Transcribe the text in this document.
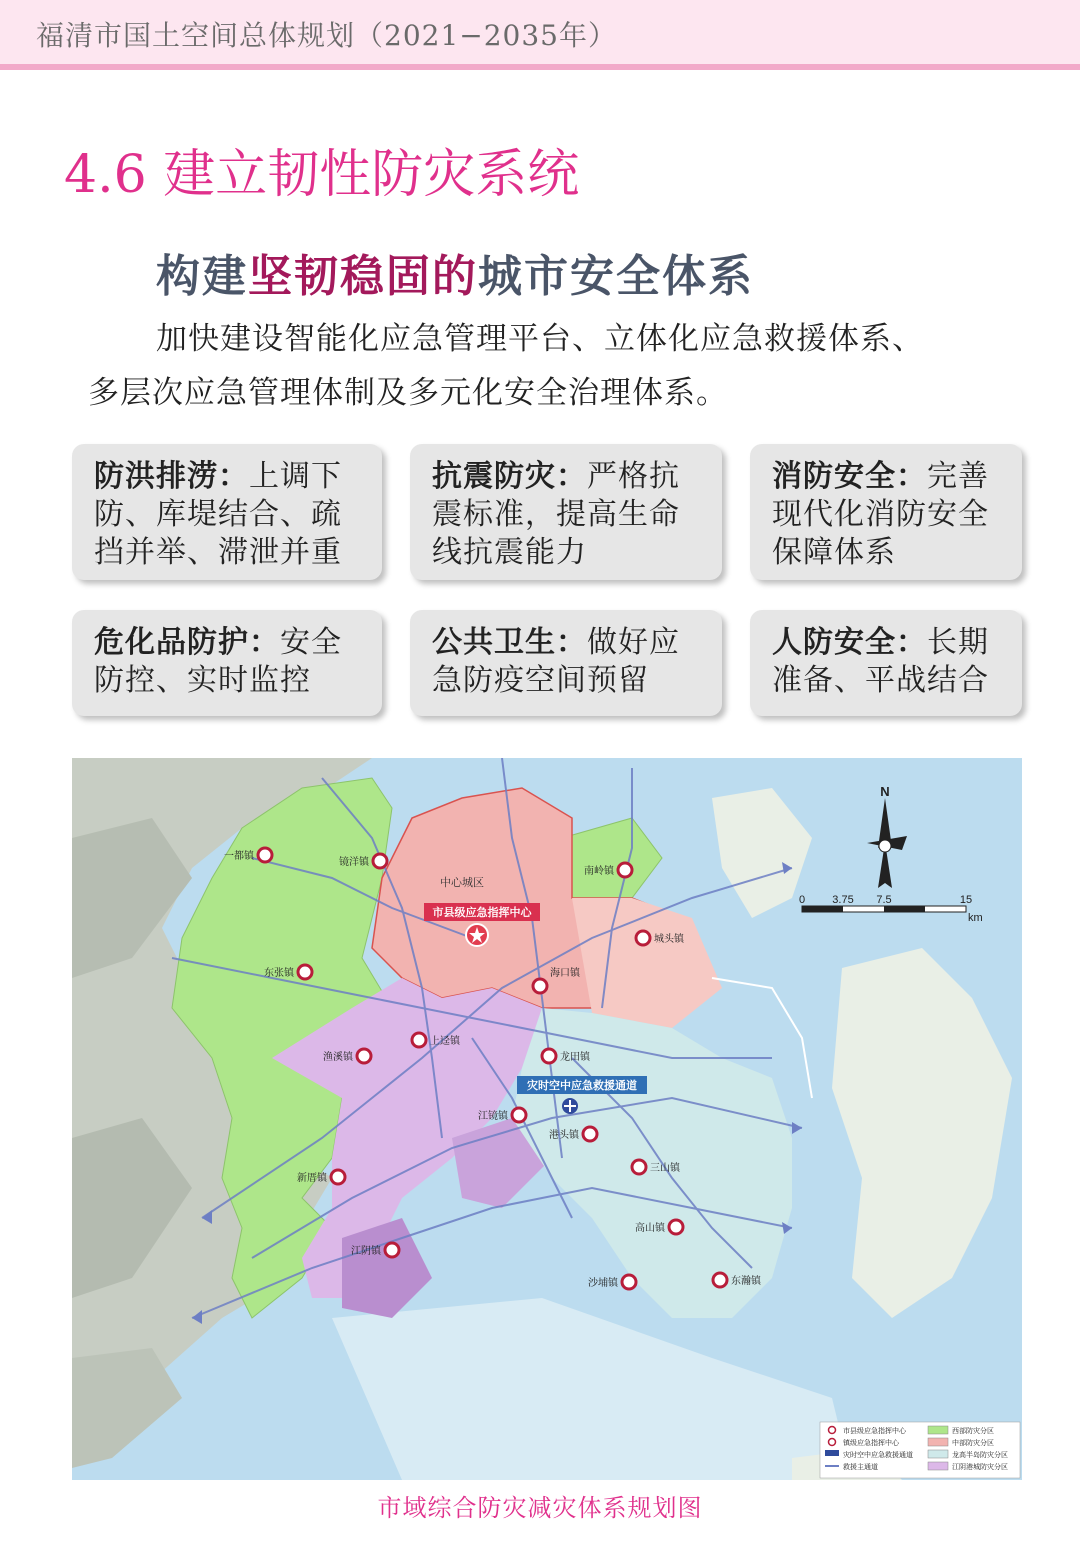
福清市国土空间总体规划（2021−2035年）
4.6 建立韧性防灾系统
构建坚韧稳固的城市安全体系
加快建设智能化应急管理平台、立体化应急救援体系、
多层次应急管理体制及多元化安全治理体系。
防洪排涝：上调下
防、库堤结合、疏
挡并举、滞泄并重
抗震防灾：严格抗
震标准，提高生命
线抗震能力
消防安全：完善
现代化消防安全
保障体系
危化品防护：安全
防控、实时监控
公共卫生：做好应
急防疫空间预留
人防安全：长期
准备、平战结合
N
0 3.75 7.5	15
km
中心城区
市县级应急指挥中心
灾时空中应急救援通道
一都镇
镜洋镇
南岭镇
城头镇
东张镇	海口镇
上迳镇
渔溪镇	龙田镇
江镜镇
港头镇
三山镇
新厝镇
高山镇
江阴镇
沙埔镇	东瀚镇
市县级应急指挥中心
镇级应急指挥中心
灾时空中应急救援通道
救援主通道
西部防灾分区
中部防灾分区
龙高半岛防灾分区
江阴港城防灾分区
市域综合防灾减灾体系规划图
